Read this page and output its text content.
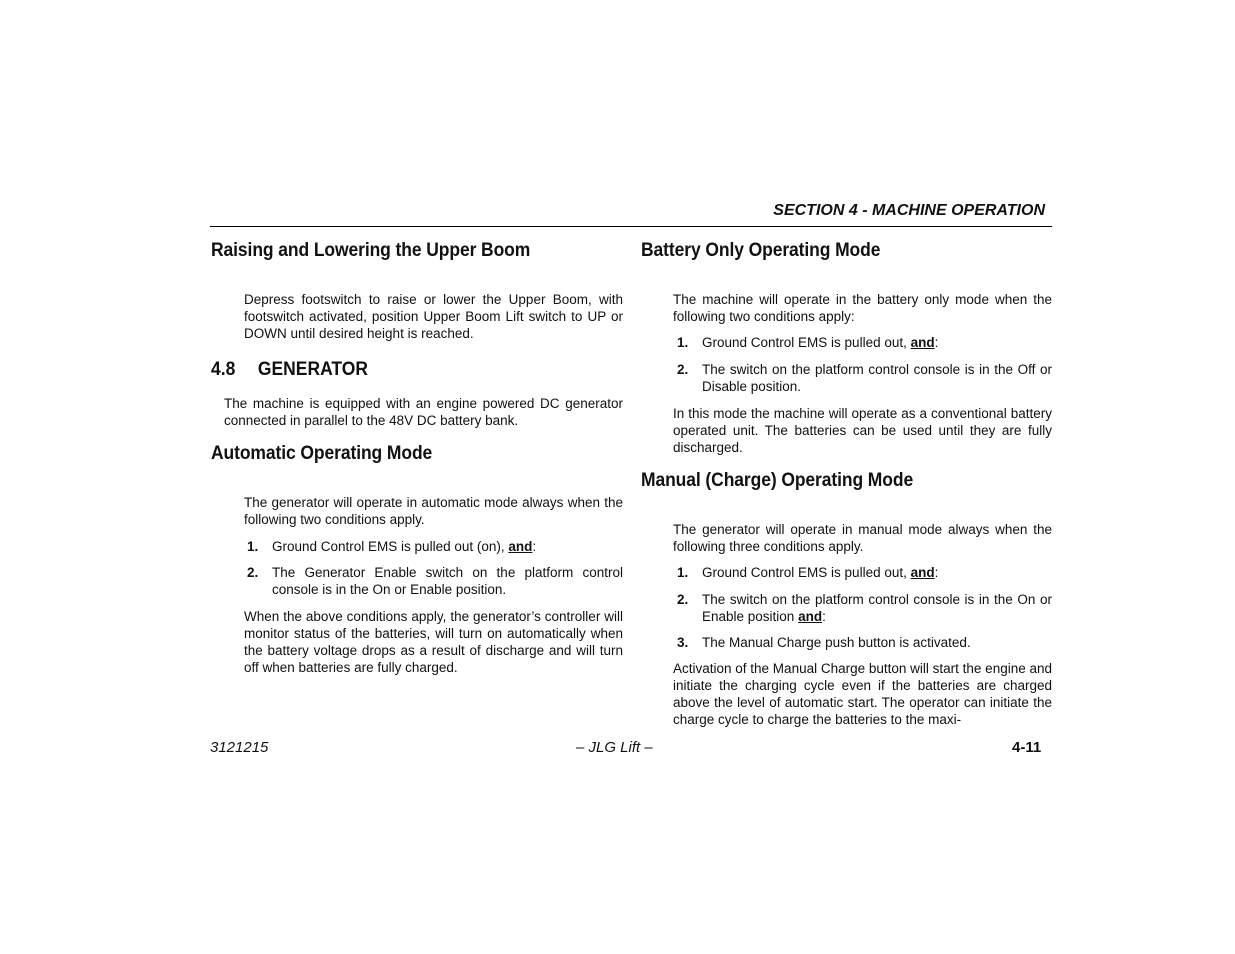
SECTION 4 - MACHINE OPERATION
Raising and Lowering the Upper Boom

Depress footswitch to raise or lower the Upper Boom, with footswitch activated, position Upper Boom Lift switch to UP or DOWN until desired height is reached.

4.8 GENERATOR

The machine is equipped with an engine powered DC generator connected in parallel to the 48V DC battery bank.

Automatic Operating Mode

The generator will operate in automatic mode always when the following two conditions apply.

1. Ground Control EMS is pulled out (on), and:
2. The Generator Enable switch on the platform control console is in the On or Enable position.

When the above conditions apply, the generator’s controller will monitor status of the batteries, will turn on automatically when the battery voltage drops as a result of discharge and will turn off when batteries are fully charged.

Battery Only Operating Mode

The machine will operate in the battery only mode when the following two conditions apply:

1. Ground Control EMS is pulled out, and:
2. The switch on the platform control console is in the Off or Disable position.

In this mode the machine will operate as a conventional battery operated unit. The batteries can be used until they are fully discharged.

Manual (Charge) Operating Mode

The generator will operate in manual mode always when the following three conditions apply.

1. Ground Control EMS is pulled out, and:
2. The switch on the platform control console is in the On or Enable position and:
3. The Manual Charge push button is activated.

Activation of the Manual Charge button will start the engine and initiate the charging cycle even if the batteries are charged above the level of automatic start. The operator can initiate the charge cycle to charge the batteries to the maxi-

3121215	– JLG Lift –	4-11
